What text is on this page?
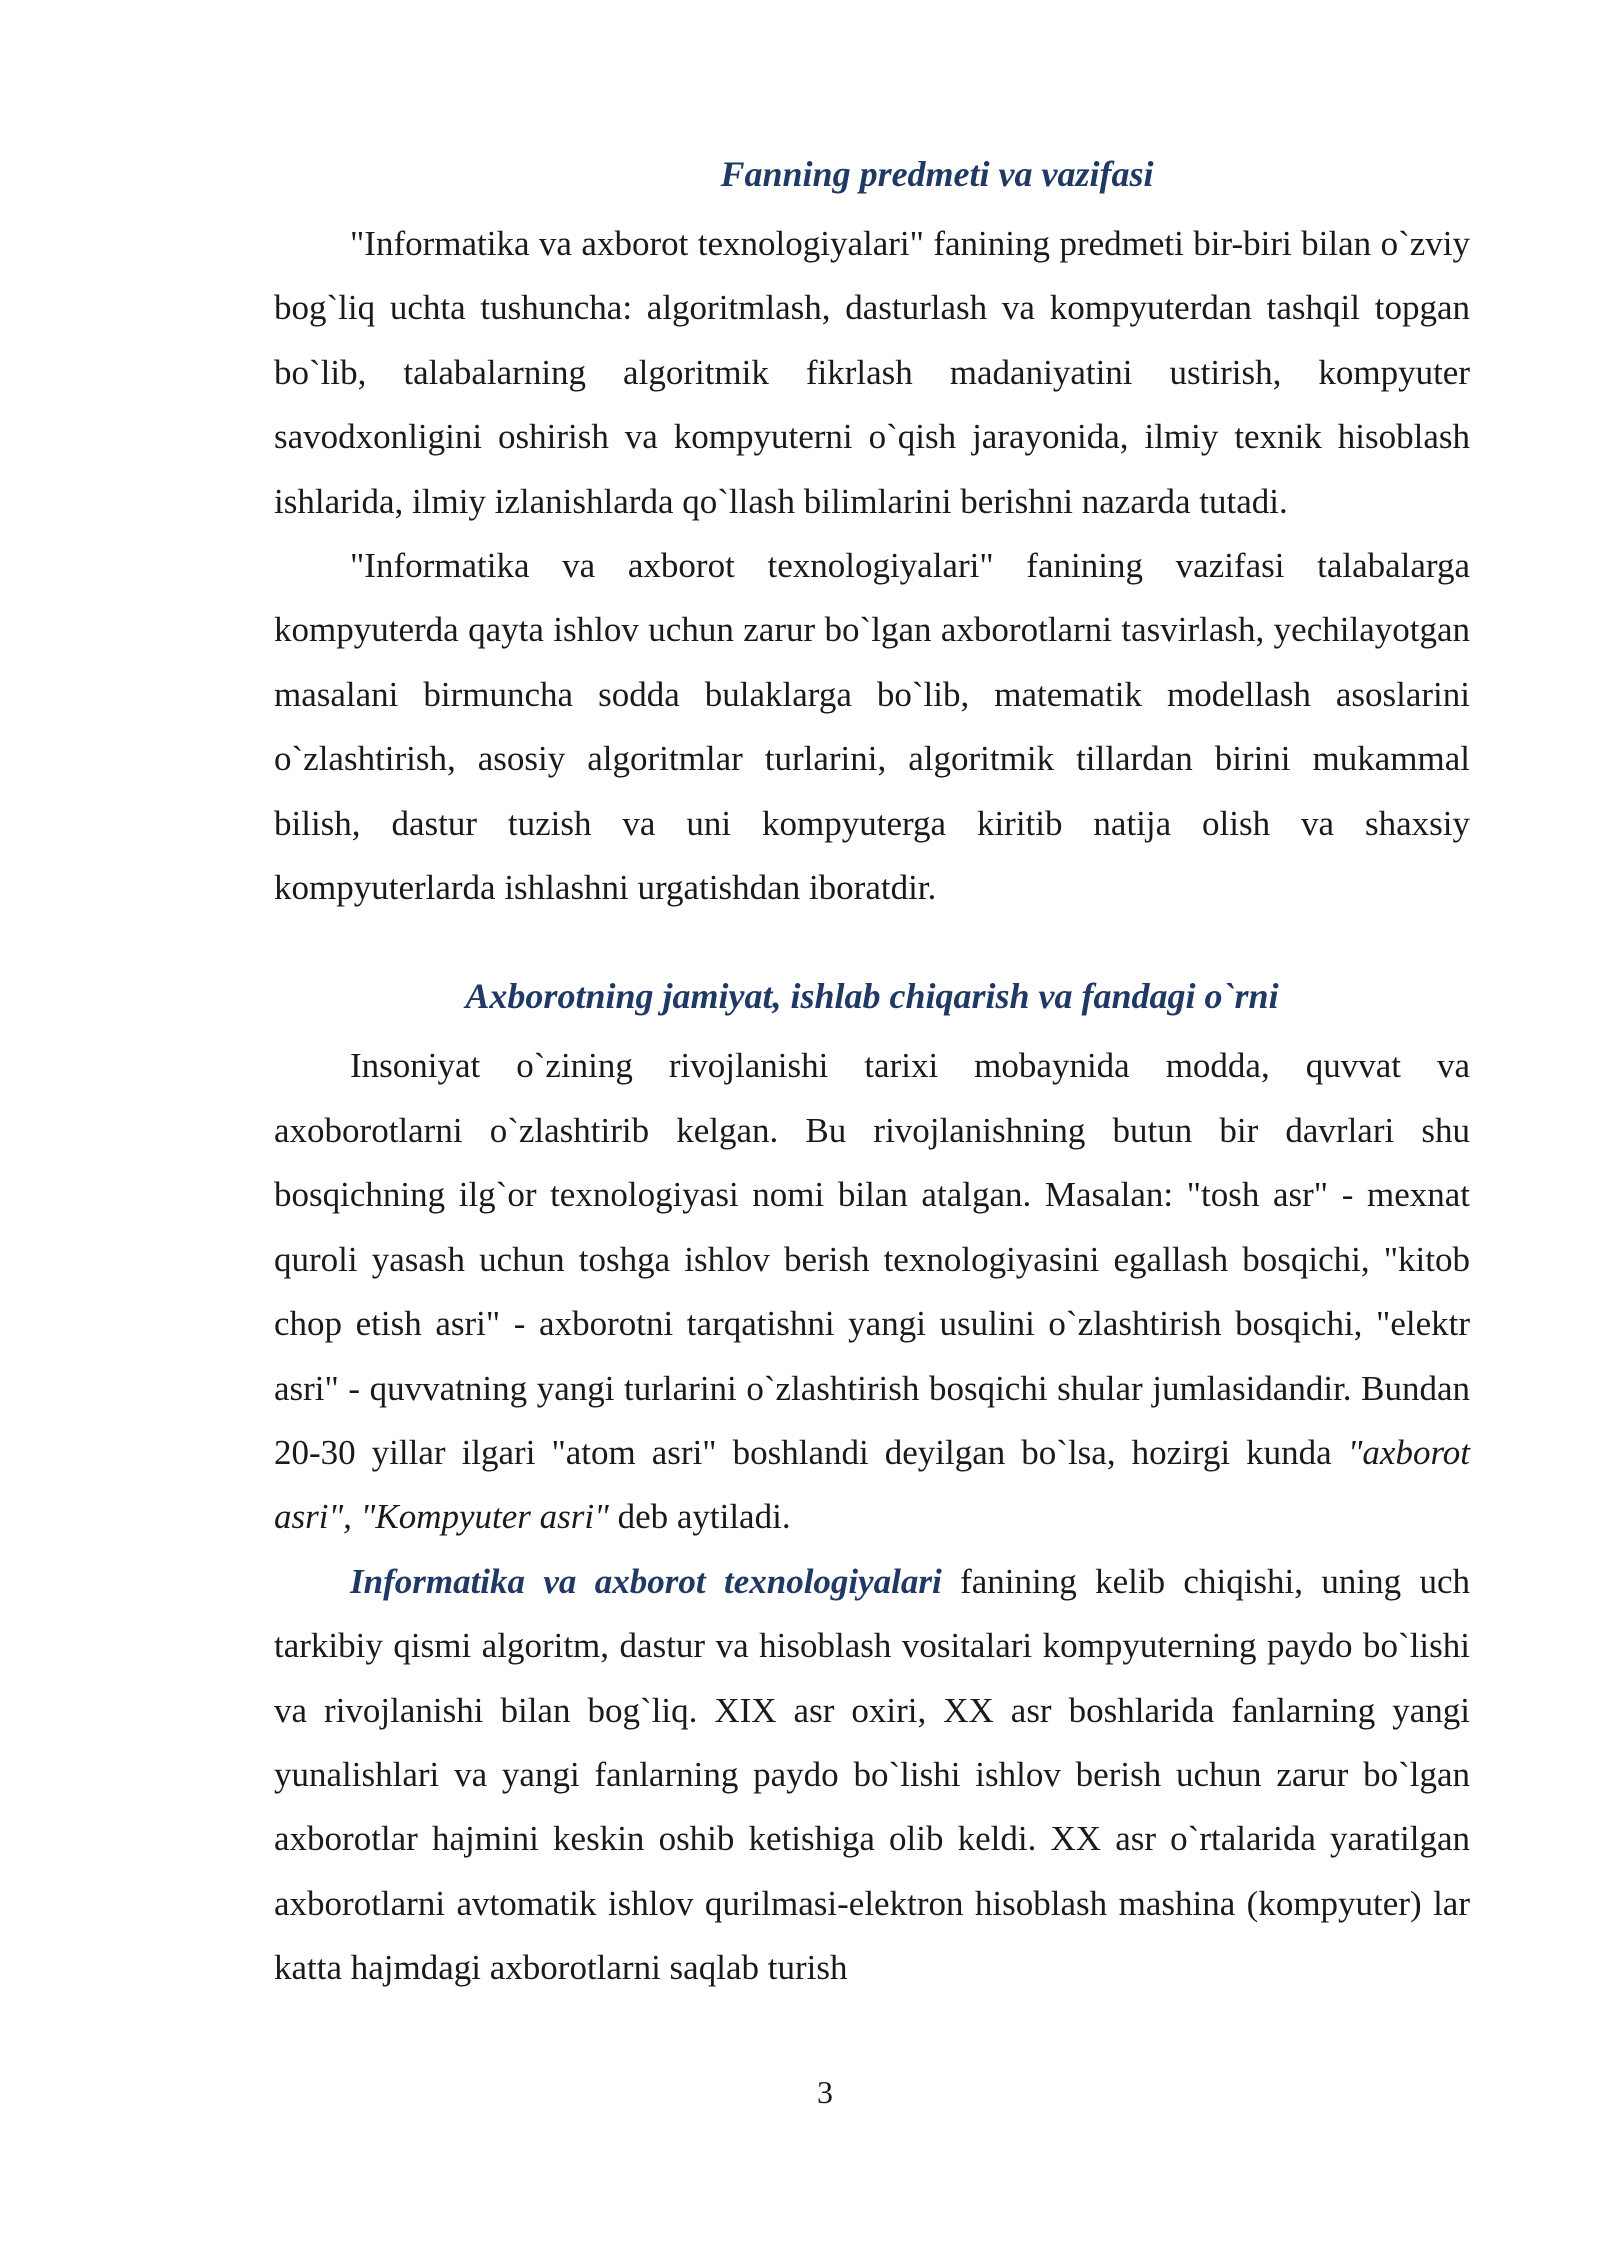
Fanning predmeti va vazifasi

"Informatika va axborot texnologiyalari" fanining predmeti bir-biri bilan o`zviy bog`liq uchta tushuncha: algoritmlash, dasturlash va kompyuterdan tashqil topgan bo`lib, talabalarning algoritmik fikrlash madaniyatini ustirish, kompyuter savodxonligini oshirish va kompyuterni o`qish jarayonida, ilmiy texnik hisoblash ishlarida, ilmiy izlanishlarda qo`llash bilimlarini berishni nazarda tutadi.

"Informatika va axborot texnologiyalari" fanining vazifasi talabalarga kompyuterda qayta ishlov uchun zarur bo`lgan axborotlarni tasvirlash, yechilayotgan masalani birmuncha sodda bulaklarga bo`lib, matematik modellash asoslarini o`zlashtirish, asosiy algoritmlar turlarini, algoritmik tillardan birini mukammal bilish, dastur tuzish va uni kompyuterga kiritib natija olish va shaxsiy kompyuterlarda ishlashni urgatishdan iboratdir.

Axborotning jamiyat, ishlab chiqarish va fandagi o`rni

Insoniyat o`zining rivojlanishi tarixi mobaynida modda, quvvat va axoborotlarni o`zlashtirib kelgan. Bu rivojlanishning butun bir davrlari shu bosqichning ilg`or texnologiyasi nomi bilan atalgan. Masalan: "tosh asr" - mexnat quroli yasash uchun toshga ishlov berish texnologiyasini egallash bosqichi, "kitob chop etish asri" - axborotni tarqatishni yangi usulini o`zlashtirish bosqichi, "elektr asri" - quvvatning yangi turlarini o`zlashtirish bosqichi shular jumlasidandir. Bundan 20-30 yillar ilgari "atom asri" boshlandi deyilgan bo`lsa, hozirgi kunda "axborot asri", "Kompyuter asri" deb aytiladi.

Informatika va axborot texnologiyalari fanining kelib chiqishi, uning uch tarkibiy qismi algoritm, dastur va hisoblash vositalari kompyuterning paydo bo`lishi va rivojlanishi bilan bog`liq. XIX asr oxiri, XX asr boshlarida fanlarning yangi yunalishlari va yangi fanlarning paydo bo`lishi ishlov berish uchun zarur bo`lgan axborotlar hajmini keskin oshib ketishiga olib keldi. XX asr o`rtalarida yaratilgan axborotlarni avtomatik ishlov qurilmasi-elektron hisoblash mashina (kompyuter) lar katta hajmdagi axborotlarni saqlab turish

3
